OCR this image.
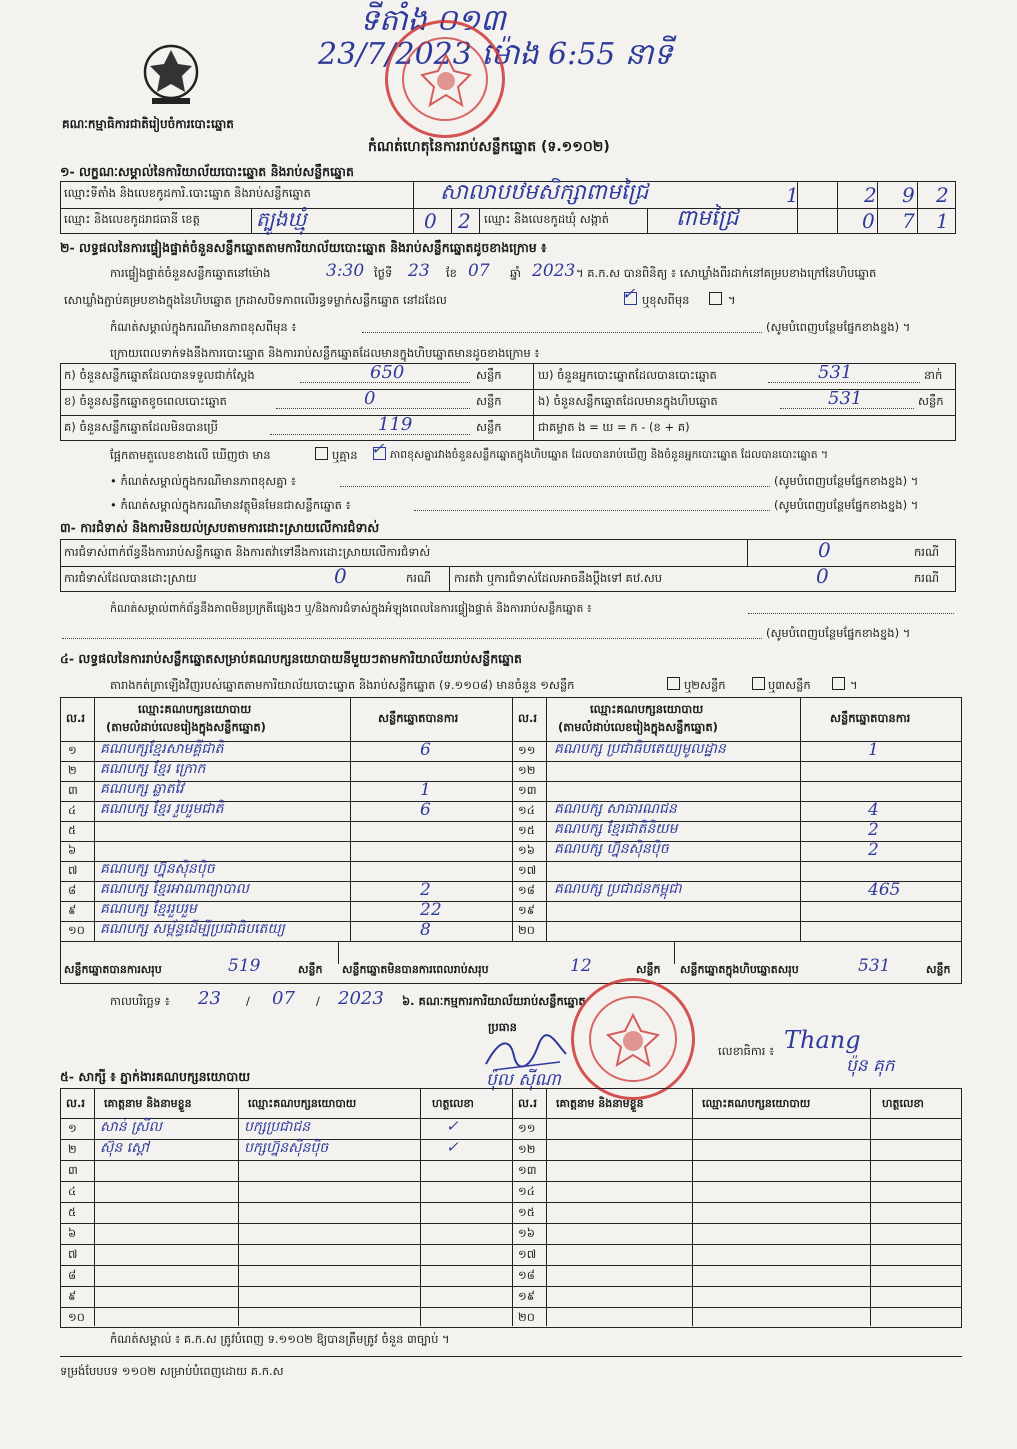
ទីតាំង ០១៣
23/7/2023 ម៉ោង 6:55 នាទី
គណៈកម្មាធិការជាតិរៀបចំការបោះឆ្នោត
កំណត់ហេតុនៃការរាប់សន្លឹកឆ្នោត (ទ.១១០២)
១- លក្ខណៈសម្គាល់នៃការិយាល័យបោះឆ្នោត និងរាប់សន្លឹកឆ្នោត
ឈ្មោះទីតាំង និងលេខកូដការិ.បោះឆ្នោត និងរាប់សន្លឹកឆ្នោត	សាលាបឋមសិក្សាពាមជ្រៃ	1	2 9 2
ឈ្មោះ និងលេខកូដរាជធានី ខេត្ត	ត្បូងឃ្មុំ	0 2 ឈ្មោះ និងលេខកូដឃុំ សង្កាត់	ពាមជ្រៃ	0 7 1
២- លទ្ធផលនៃការផ្ទៀងផ្ទាត់ចំនួនសន្លឹកឆ្នោតតាមការិយាល័យបោះឆ្នោត និងរាប់សន្លឹកឆ្នោតដូចខាងក្រោម ៖
ការផ្ទៀងផ្ទាត់ចំនួនសន្លឹកឆ្នោតនៅម៉ោង	3:30 ថ្ងៃទី 23 ខែ 07 ឆ្នាំ 2023 ។ គ.ក.ស បានពិនិត្យ ៖ សោឃ្លាំងពីរដាក់នៅគម្របខាងក្រៅនៃហិបឆ្នោត
សោឃ្លាំងភ្ជាប់គម្របខាងក្នុងនៃហិបឆ្នោត ក្រដាសបិទភាពលើរន្ធទម្លាក់សន្លឹកឆ្នោត នៅដដែល	✓ ឬខុសពីមុន	។
កំណត់សម្គាល់ក្នុងករណីមានភាពខុសពីមុន ៖	(សូមបំពេញបន្ថែមផ្នែកខាងខ្នង) ។
ក្រោយពេលទាក់ទងនឹងការបោះឆ្នោត និងការរាប់សន្លឹកឆ្នោតដែលមានក្នុងហិបឆ្នោតមានដូចខាងក្រោម ៖
ក) ចំនួនសន្លឹកឆ្នោតដែលបានទទួលជាក់ស្តែង	650	សន្លឹក
ខ) ចំនួនសន្លឹកឆ្នោតខូចពេលបោះឆ្នោត	0	សន្លឹក
គ) ចំនួនសន្លឹកឆ្នោតដែលមិនបានប្រើ	119	សន្លឹក
ឃ) ចំនួនអ្នកបោះឆ្នោតដែលបានបោះឆ្នោត	531	នាក់
ង) ចំនួនសន្លឹកឆ្នោតដែលមានក្នុងហិបឆ្នោត	531	សន្លឹក
ជាគម្លាត ង = ឃ = ក - (ខ + គ)
ផ្អែកតាមតួលេខខាងលើ ឃើញថា មាន	ឬគ្មាន ✓ ភាពខុសគ្នារវាងចំនួនសន្លឹកឆ្នោតក្នុងហិបឆ្នោត ដែលបានរាប់ឃើញ និងចំនួនអ្នកបោះឆ្នោត ដែលបានបោះឆ្នោត ។
• កំណត់សម្គាល់ក្នុងករណីមានភាពខុសគ្នា ៖	(សូមបំពេញបន្ថែមផ្នែកខាងខ្នង) ។
• កំណត់សម្គាល់ក្នុងករណីមានវត្ថុមិនមែនជាសន្លឹកឆ្នោត ៖	(សូមបំពេញបន្ថែមផ្នែកខាងខ្នង) ។
៣- ការជំទាស់ និងការមិនយល់ស្របតាមការដោះស្រាយលើការជំទាស់
ការជំទាស់ពាក់ព័ន្ធនឹងការរាប់សន្លឹកឆ្នោត និងការតវ៉ាទៅនឹងការដោះស្រាយលើការជំទាស់	0	ករណី
ការជំទាស់ដែលបានដោះស្រាយ	0	ករណី ការតវ៉ា ឬការជំទាស់ដែលអាចនឹងប្តឹងទៅ គឋ.សប	0	ករណី
កំណត់សម្គាល់ពាក់ព័ន្ធនឹងភាពមិនប្រក្រតីផ្សេងៗ ឬ/និងការជំទាស់ក្នុងអំឡុងពេលនៃការផ្ទៀងផ្ទាត់ និងការរាប់សន្លឹកឆ្នោត ៖
(សូមបំពេញបន្ថែមផ្នែកខាងខ្នង) ។
៤- លទ្ធផលនៃការរាប់សន្លឹកឆ្នោតសម្រាប់គណបក្សនយោបាយនីមួយៗតាមការិយាល័យរាប់សន្លឹកឆ្នោត
តារាងកត់ត្រាឡើងវិញរបស់ឆ្នោតតាមការិយាល័យបោះឆ្នោត និងរាប់សន្លឹកឆ្នោត (ទ.១១០៨) មានចំនួន ១សន្លឹក	ឬ២សន្លឹក	ឬ៣សន្លឹក	។
ល.រ
ឈ្មោះគណបក្សនយោបាយ
(តាមលំដាប់លេខរៀងក្នុងសន្លឹកឆ្នោត)
សន្លឹកឆ្នោតបានការ	ល.រ
ឈ្មោះគណបក្សនយោបាយ
(តាមលំដាប់លេខរៀងក្នុងសន្លឹកឆ្នោត)
សន្លឹកឆ្នោតបានការ
១ គណបក្សខ្មែរសាមគ្គីជាតិ	6
២ គណបក្ស ខ្មែរ ក្រោក
៣ គណបក្ស ឆ្លាតវៃ	1
៤ គណបក្ស ខ្មែរ រួបរួមជាតិ	6
៥
៦
៧ គណបក្ស ហ្វ៊ុនស៊ិនប៉ិច
៨ គណបក្ស ខ្មែរអាណាព្យាបាល	2
៩ គណបក្ស ខ្មែររួបរួម	22
១០ គណបក្ស សម្ព័ន្ធដើម្បីប្រជាធិបតេយ្យ	8
១១ គណបក្ស ប្រជាធិបតេយ្យមូលដ្ឋាន	1
១២
១៣
១៤ គណបក្ស សាធារណជន	4
១៥ គណបក្ស ខ្មែរជាតិនិយម	2
១៦ គណបក្ស ហ្វ៊ុនស៊ិនប៉ិច	2
១៧
១៨ គណបក្ស ប្រជាជនកម្ពុជា	465
១៩
២០
សន្លឹកឆ្នោតបានការសរុប	519	សន្លឹក សន្លឹកឆ្នោតមិនបានការពេលរាប់សរុប	12	សន្លឹក សន្លឹកឆ្នោតក្នុងហិបឆ្នោតសរុប	531	សន្លឹក
កាលបរិច្ឆេទ ៖ 23 / 07 / 2023 ៦. គណៈកម្មការការិយាល័យរាប់សន្លឹកឆ្នោត
ប្រធាន
លេខាធិការ ៖ Thang
ប៉ុន គុក
ប៉ុល ស៊ីណា
៥- សាក្សី ៖ ភ្នាក់ងារគណបក្សនយោបាយ
ល.រ គោត្តនាម និងនាមខ្លួន	ឈ្មោះគណបក្សនយោបាយ	ហត្ថលេខា	ល.រ គោត្តនាម និងនាមខ្លួន	ឈ្មោះគណបក្សនយោបាយ	ហត្ថលេខា
១ សាន់ ស្រីល	បក្សប្រជាជន	✓
២ ស៊ុន ស្ដៅ	បក្សហ្វ៊ុនស៊ិនប៉ិច	✓
៣
៤
៥
៦
៧
៨
៩
១០
១១
១២
១៣
១៤
១៥
១៦
១៧
១៨
១៩
២០
កំណត់សម្គាល់ ៖ គ.ក.ស ត្រូវបំពេញ ទ.១១០២ ឱ្យបានត្រឹមត្រូវ ចំនួន ៣ច្បាប់ ។
ទម្រង់បែបបទ ១១០២ សម្រាប់បំពេញដោយ គ.ក.ស
